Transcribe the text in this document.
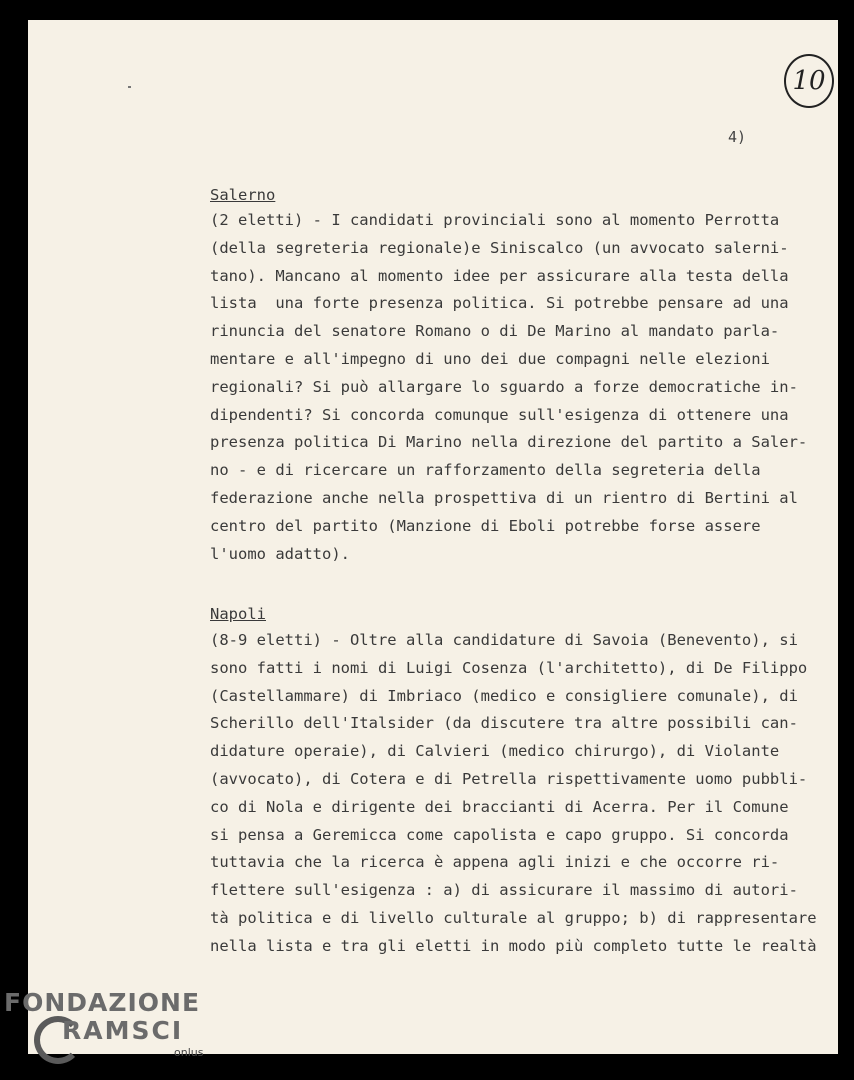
10
4)
Salerno
(2 eletti) - I candidati provinciali sono al momento Perrotta
(della segreteria regionale)e Siniscalco (un avvocato salerni-
tano). Mancano al momento idee per assicurare alla testa della
lista  una forte presenza politica. Si potrebbe pensare ad una
rinuncia del senatore Romano o di De Marino al mandato parla-
mentare e all'impegno di uno dei due compagni nelle elezioni
regionali? Si può allargare lo sguardo a forze democratiche in-
dipendenti? Si concorda comunque sull'esigenza di ottenere una
presenza politica Di Marino nella direzione del partito a Saler-
no - e di ricercare un rafforzamento della segreteria della
federazione anche nella prospettiva di un rientro di Bertini al
centro del partito (Manzione di Eboli potrebbe forse assere
l'uomo adatto).
Napoli
(8-9 eletti) - Oltre alla candidature di Savoia (Benevento), si
sono fatti i nomi di Luigi Cosenza (l'architetto), di De Filippo
(Castellammare) di Imbriaco (medico e consigliere comunale), di
Scherillo dell'Italsider (da discutere tra altre possibili can-
didature operaie), di Calvieri (medico chirurgo), di Violante
(avvocato), di Cotera e di Petrella rispettivamente uomo pubbli-
co di Nola e dirigente dei braccianti di Acerra. Per il Comune
si pensa a Geremicca come capolista e capo gruppo. Si concorda
tuttavia che la ricerca è appena agli inizi e che occorre ri-
flettere sull'esigenza : a) di assicurare il massimo di autori-
tà politica e di livello culturale al gruppo; b) di rappresentare
nella lista e tra gli eletti in modo più completo tutte le realtà
FONDAZIONE
RAMSCI
onlus
